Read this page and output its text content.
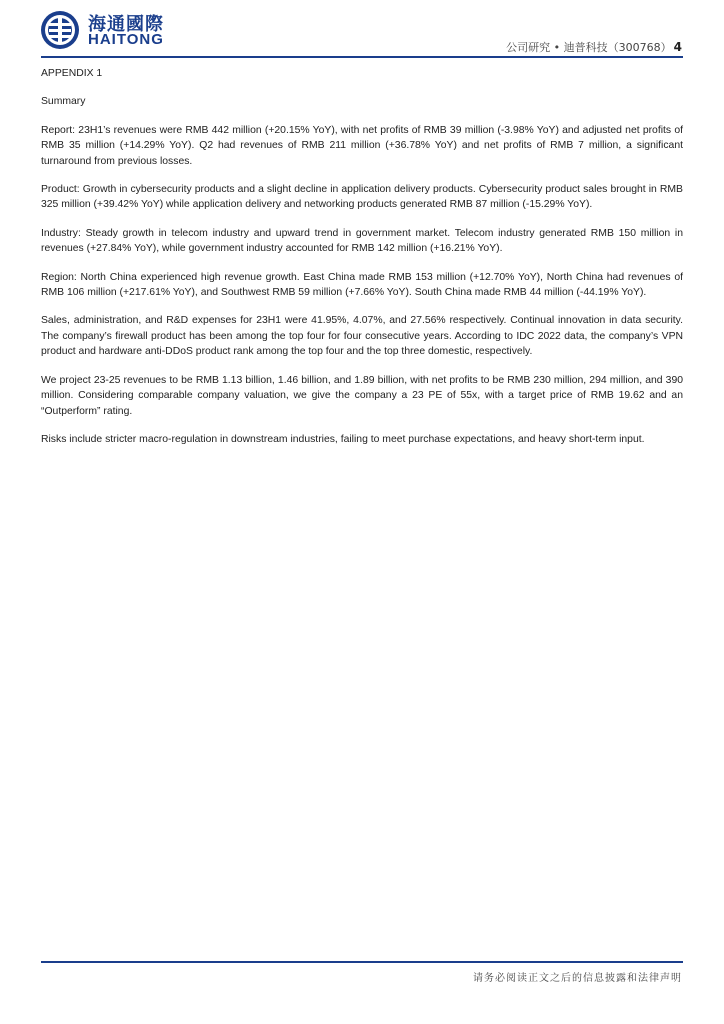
海通國際
HAITONG	公司研究 • 迪普科技（300768） 4

APPENDIX 1

Summary

Report: 23H1’s revenues were RMB 442 million (+20.15% YoY), with net profits of RMB 39 million (-3.98% YoY) and adjusted net profits of RMB 35 million (+14.29% YoY). Q2 had revenues of RMB 211 million (+36.78% YoY) and net profits of RMB 7 million, a significant turnaround from previous losses.

Product: Growth in cybersecurity products and a slight decline in application delivery products. Cybersecurity product sales brought in RMB 325 million (+39.42% YoY) while application delivery and networking products generated RMB 87 million (-15.29% YoY).

Industry: Steady growth in telecom industry and upward trend in government market. Telecom industry generated RMB 150 million in revenues (+27.84% YoY), while government industry accounted for RMB 142 million (+16.21% YoY).

Region: North China experienced high revenue growth. East China made RMB 153 million (+12.70% YoY), North China had revenues of RMB 106 million (+217.61% YoY), and Southwest RMB 59 million (+7.66% YoY). South China made RMB 44 million (-44.19% YoY).

Sales, administration, and R&D expenses for 23H1 were 41.95%, 4.07%, and 27.56% respectively. Continual innovation in data security. The company’s firewall product has been among the top four for four consecutive years. According to IDC 2022 data, the company’s VPN product and hardware anti-DDoS product rank among the top four and the top three domestic, respectively.

We project 23-25 revenues to be RMB 1.13 billion, 1.46 billion, and 1.89 billion, with net profits to be RMB 230 million, 294 million, and 390 million. Considering comparable company valuation, we give the company a 23 PE of 55x, with a target price of RMB 19.62 and an “Outperform” rating.

Risks include stricter macro-regulation in downstream industries, failing to meet purchase expectations, and heavy short-term input.

请务必阅读正文之后的信息披露和法律声明
